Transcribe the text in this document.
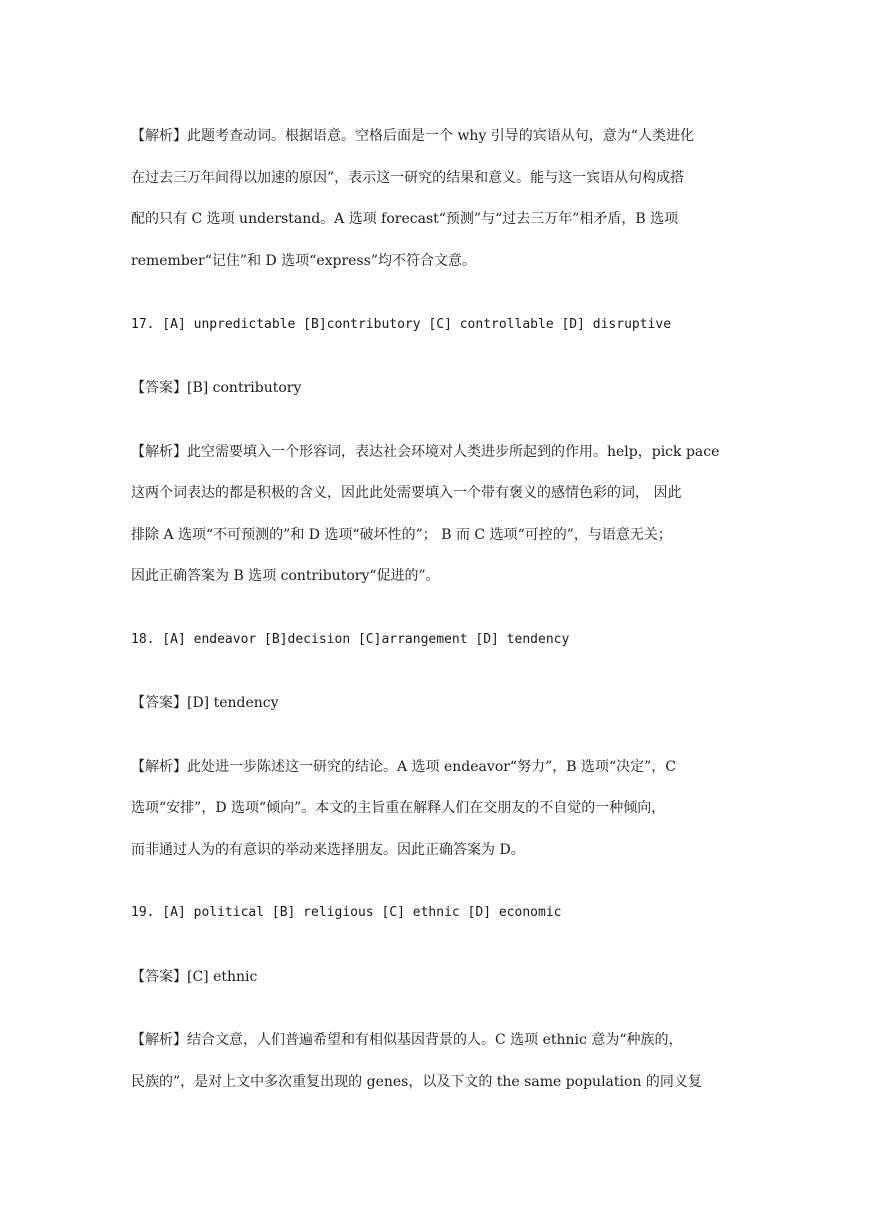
【解析】此题考查动词。根据语意。空格后面是一个 why 引导的宾语从句，意为“人类进化
在过去三万年间得以加速的原因”，表示这一研究的结果和意义。能与这一宾语从句构成搭
配的只有 C 选项 understand。A 选项 forecast“预测”与“过去三万年”相矛盾，B 选项
remember“记住”和 D 选项“express”均不符合文意。
17. [A] unpredictable [B]contributory [C] controllable [D] disruptive
【答案】[B] contributory
【解析】此空需要填入一个形容词，表达社会环境对人类进步所起到的作用。help，pick pace
这两个词表达的都是积极的含义，因此此处需要填入一个带有褒义的感情色彩的词， 因此
排除 A 选项“不可预测的”和 D 选项“破坏性的”； B 而 C 选项“可控的”，与语意无关；
因此正确答案为 B 选项 contributory“促进的”。
18. [A] endeavor [B]decision [C]arrangement [D] tendency
【答案】[D] tendency
【解析】此处进一步陈述这一研究的结论。A 选项 endeavor“努力”，B 选项“决定”，C
选项“安排”，D 选项“倾向”。本文的主旨重在解释人们在交朋友的不自觉的一种倾向，
而非通过人为的有意识的举动来选择朋友。因此正确答案为 D。
19. [A] political [B] religious [C] ethnic [D] economic
【答案】[C] ethnic
【解析】结合文意，人们普遍希望和有相似基因背景的人。C 选项 ethnic 意为“种族的，
民族的”，是对上文中多次重复出现的 genes，以及下文的 the same population 的同义复
